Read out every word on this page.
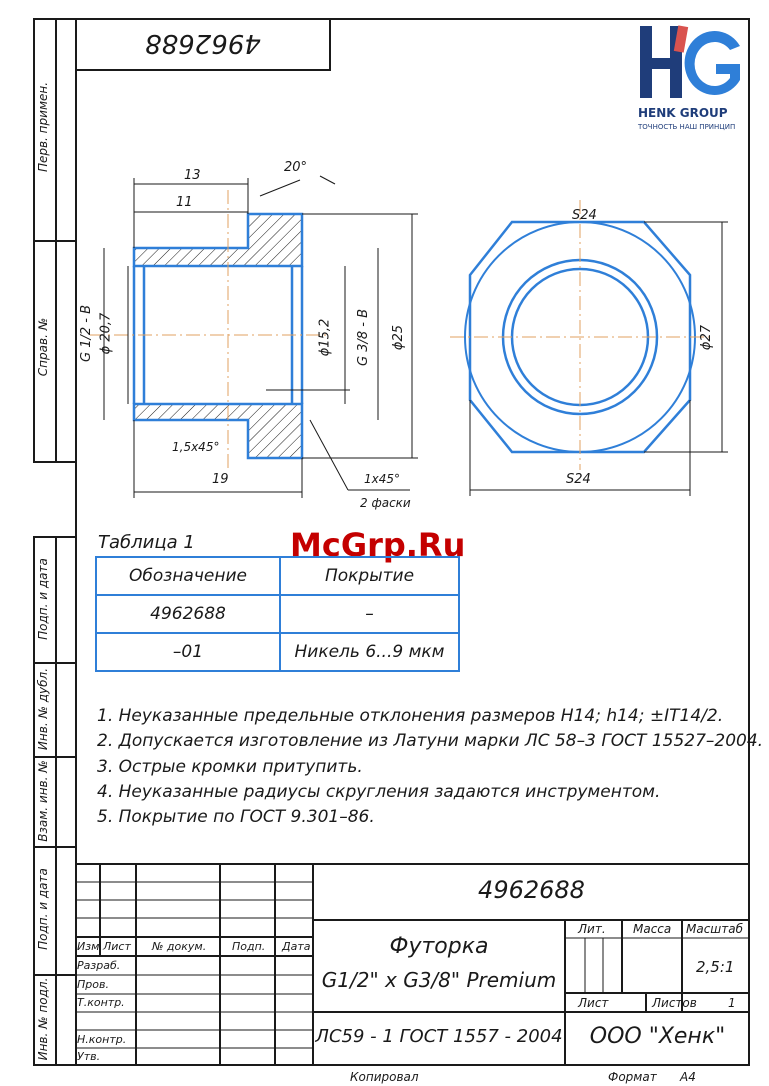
Перв. примен.
Справ. №
Подп. и дата
Инв. № дубл.
Взам. инв. №
Подп. и дата
Инв. № подл.
4962688
HENK GROUP
ТОЧНОСТЬ НАШ ПРИНЦИП
13
11
20°
G 1/2 - B ϕ 20,7	ϕ15,2 G 3/8 - B ϕ25
1,5x45°
19	1x45°
2 фаски
S24
S24
ϕ27
McGrp.Ru
Таблица 1
Обозначение	Покрытие
4962688	–
–01	Никель 6...9 мкм
1. Неуказанные предельные отклонения размеров H14; h14; ±IT14/2.
2. Допускается изготовление из Латуни марки ЛС 58–3 ГОСТ 15527–2004.
3. Острые кромки притупить.
4. Неуказанные радиусы скругления задаются инструментом.
5. Покрытие по ГОСТ 9.301–86.
Изм Лист № докум. Подп. Дата
Разраб.
Пров.
Т.контр.
Н.контр.
Утв.
4962688
Футорка
G1/2" x G3/8" Premium
ЛС59 - 1 ГОСТ 1557 - 2004	ООО "Хенк"
Лит. Масса Масштаб
2,5:1
Лист	Листов	1
Копировал	Формат A4
